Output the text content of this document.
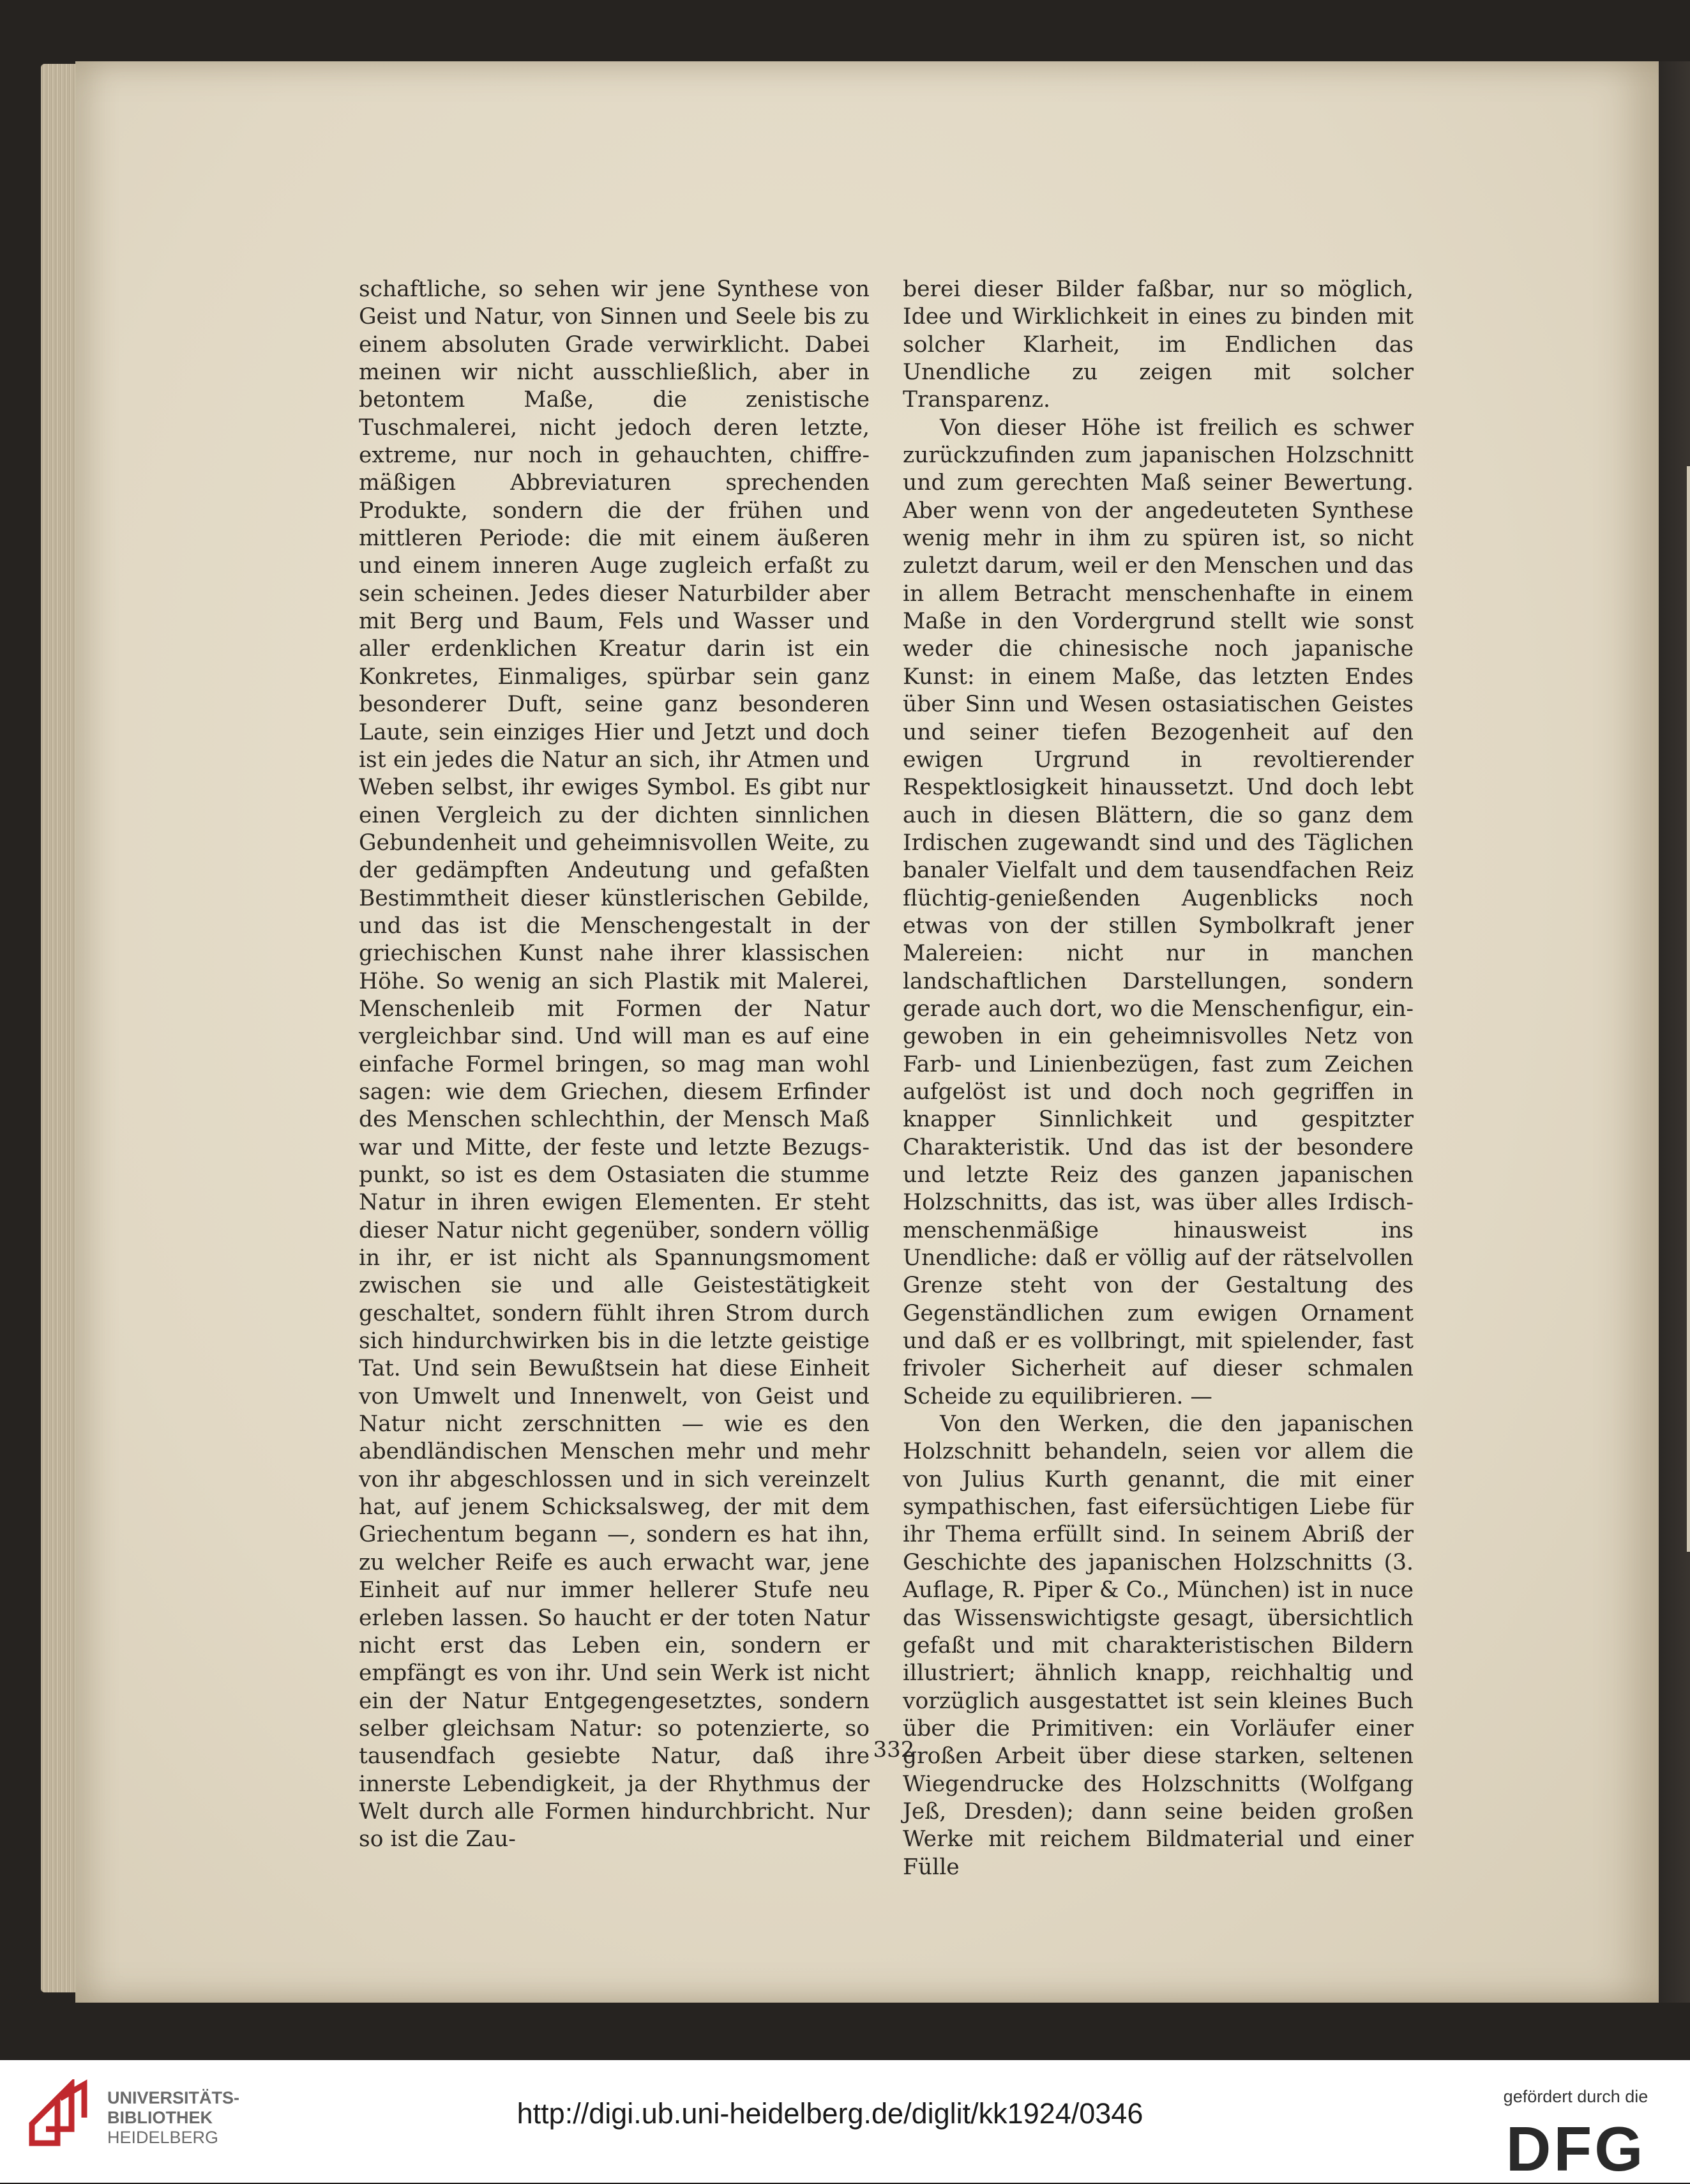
schaftliche, so sehen wir jene Synthese von Geist und Natur, von Sinnen und Seele bis zu einem absoluten Grade verwirklicht. Dabei meinen wir nicht ausschließlich, aber in betontem Maße, die zenistische Tuschmalerei, nicht jedoch deren letzte, extreme, nur noch in gehauchten, chiffremäßigen Abbreviaturen sprechenden Produkte, sondern die der frühen und mittleren Periode: die mit einem äußeren und einem inneren Auge zugleich erfaßt zu sein scheinen. Jedes dieser Naturbilder aber mit Berg und Baum, Fels und Wasser und aller erdenklichen Kreatur darin ist ein Konkretes, Einmaliges, spürbar sein ganz besonderer Duft, seine ganz besonderen Laute, sein einziges Hier und Jetzt und doch ist ein jedes die Natur an sich, ihr Atmen und Weben selbst, ihr ewiges Symbol. Es gibt nur einen Vergleich zu der dichten sinnlichen Gebundenheit und geheimnisvollen Weite, zu der gedämpften Andeutung und gefaßten Bestimmtheit dieser künstlerischen Gebilde, und das ist die Menschengestalt in der griechischen Kunst nahe ihrer klassischen Höhe. So wenig an sich Plastik mit Malerei, Menschenleib mit Formen der Natur vergleichbar sind. Und will man es auf eine einfache Formel bringen, so mag man wohl sagen: wie dem Griechen, diesem Erfinder des Menschen schlechthin, der Mensch Maß war und Mitte, der feste und letzte Bezugspunkt, so ist es dem Ostasiaten die stumme Natur in ihren ewigen Elementen. Er steht dieser Natur nicht gegenüber, sondern völlig in ihr, er ist nicht als Spannungsmoment zwischen sie und alle Geistestätigkeit geschaltet, sondern fühlt ihren Strom durch sich hindurchwirken bis in die letzte geistige Tat. Und sein Bewußtsein hat diese Einheit von Umwelt und Innenwelt, von Geist und Natur nicht zerschnitten — wie es den abendländischen Menschen mehr und mehr von ihr abgeschlossen und in sich vereinzelt hat, auf jenem Schicksalsweg, der mit dem Griechentum begann —, sondern es hat ihn, zu welcher Reife es auch erwacht war, jene Einheit auf nur immer hellerer Stufe neu erleben lassen. So haucht er der toten Natur nicht erst das Leben ein, sondern er empfängt es von ihr. Und sein Werk ist nicht ein der Natur Entgegengesetztes, sondern selber gleichsam Natur: so potenzierte, so tausendfach gesiebte Natur, daß ihre innerste Lebendigkeit, ja der Rhythmus der Welt durch alle Formen hindurchbricht. Nur so ist die Zau-

berei dieser Bilder faßbar, nur so möglich, Idee und Wirklichkeit in eines zu binden mit solcher Klarheit, im Endlichen das Unendliche zu zeigen mit solcher Transparenz.

Von dieser Höhe ist freilich es schwer zurückzufinden zum japanischen Holzschnitt und zum gerechten Maß seiner Bewertung. Aber wenn von der angedeuteten Synthese wenig mehr in ihm zu spüren ist, so nicht zuletzt darum, weil er den Menschen und das in allem Betracht menschenhafte in einem Maße in den Vordergrund stellt wie sonst weder die chinesische noch japanische Kunst: in einem Maße, das letzten Endes über Sinn und Wesen ostasiatischen Geistes und seiner tiefen Bezogenheit auf den ewigen Urgrund in revoltierender Respektlosigkeit hinaussetzt. Und doch lebt auch in diesen Blättern, die so ganz dem Irdischen zugewandt sind und des Täglichen banaler Vielfalt und dem tausendfachen Reiz flüchtig-genießenden Augenblicks noch etwas von der stillen Symbolkraft jener Malereien: nicht nur in manchen landschaftlichen Darstellungen, sondern gerade auch dort, wo die Menschenfigur, eingewoben in ein geheimnisvolles Netz von Farb- und Linienbezügen, fast zum Zeichen aufgelöst ist und doch noch gegriffen in knapper Sinnlichkeit und gespitzter Charakteristik. Und das ist der besondere und letzte Reiz des ganzen japanischen Holzschnitts, das ist, was über alles Irdisch-menschenmäßige hinausweist ins Unendliche: daß er völlig auf der rätselvollen Grenze steht von der Gestaltung des Gegenständlichen zum ewigen Ornament und daß er es vollbringt, mit spielender, fast frivoler Sicherheit auf dieser schmalen Scheide zu equilibrieren. —

Von den Werken, die den japanischen Holzschnitt behandeln, seien vor allem die von Julius Kurth genannt, die mit einer sympathischen, fast eifersüchtigen Liebe für ihr Thema erfüllt sind. In seinem Abriß der Geschichte des japanischen Holzschnitts (3. Auflage, R. Piper & Co., München) ist in nuce das Wissenswichtigste gesagt, übersichtlich gefaßt und mit charakteristischen Bildern illustriert; ähnlich knapp, reichhaltig und vorzüglich ausgestattet ist sein kleines Buch über die Primitiven: ein Vorläufer einer großen Arbeit über diese starken, seltenen Wiegendrucke des Holzschnitts (Wolfgang Jeß, Dresden); dann seine beiden großen Werke mit reichem Bildmaterial und einer Fülle

332
UNIVERSITÄTS-
BIBLIOTHEK
HEIDELBERG
http://digi.ub.uni-heidelberg.de/diglit/kk1924/0346
gefördert durch die
DFG
